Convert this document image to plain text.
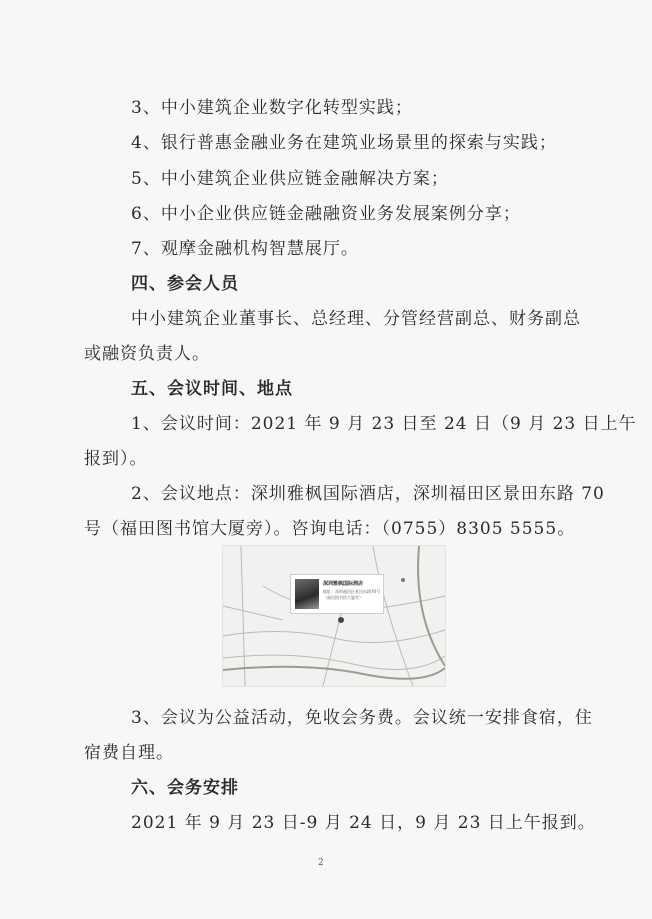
3、中小建筑企业数字化转型实践；
4、银行普惠金融业务在建筑业场景里的探索与实践；
5、中小建筑企业供应链金融解决方案；
6、中小企业供应链金融融资业务发展案例分享；
7、观摩金融机构智慧展厅。
四、参会人员
中小建筑企业董事长、总经理、分管经营副总、财务副总
或融资负责人。
五、会议时间、地点
1、会议时间：2021 年 9 月 23 日至 24 日（9 月 23 日上午
报到）。
2、会议地点：深圳雅枫国际酒店，深圳福田区景田东路 70
号（福田图书馆大厦旁）。咨询电话：（0755）8305 5555。
深圳雅枫国际酒店
地址：深圳福田区景田东路70号（福田图书馆大厦旁）
3、会议为公益活动，免收会务费。会议统一安排食宿，住
宿费自理。
六、会务安排
2021 年 9 月 23 日-9 月 24 日，9 月 23 日上午报到。
2
